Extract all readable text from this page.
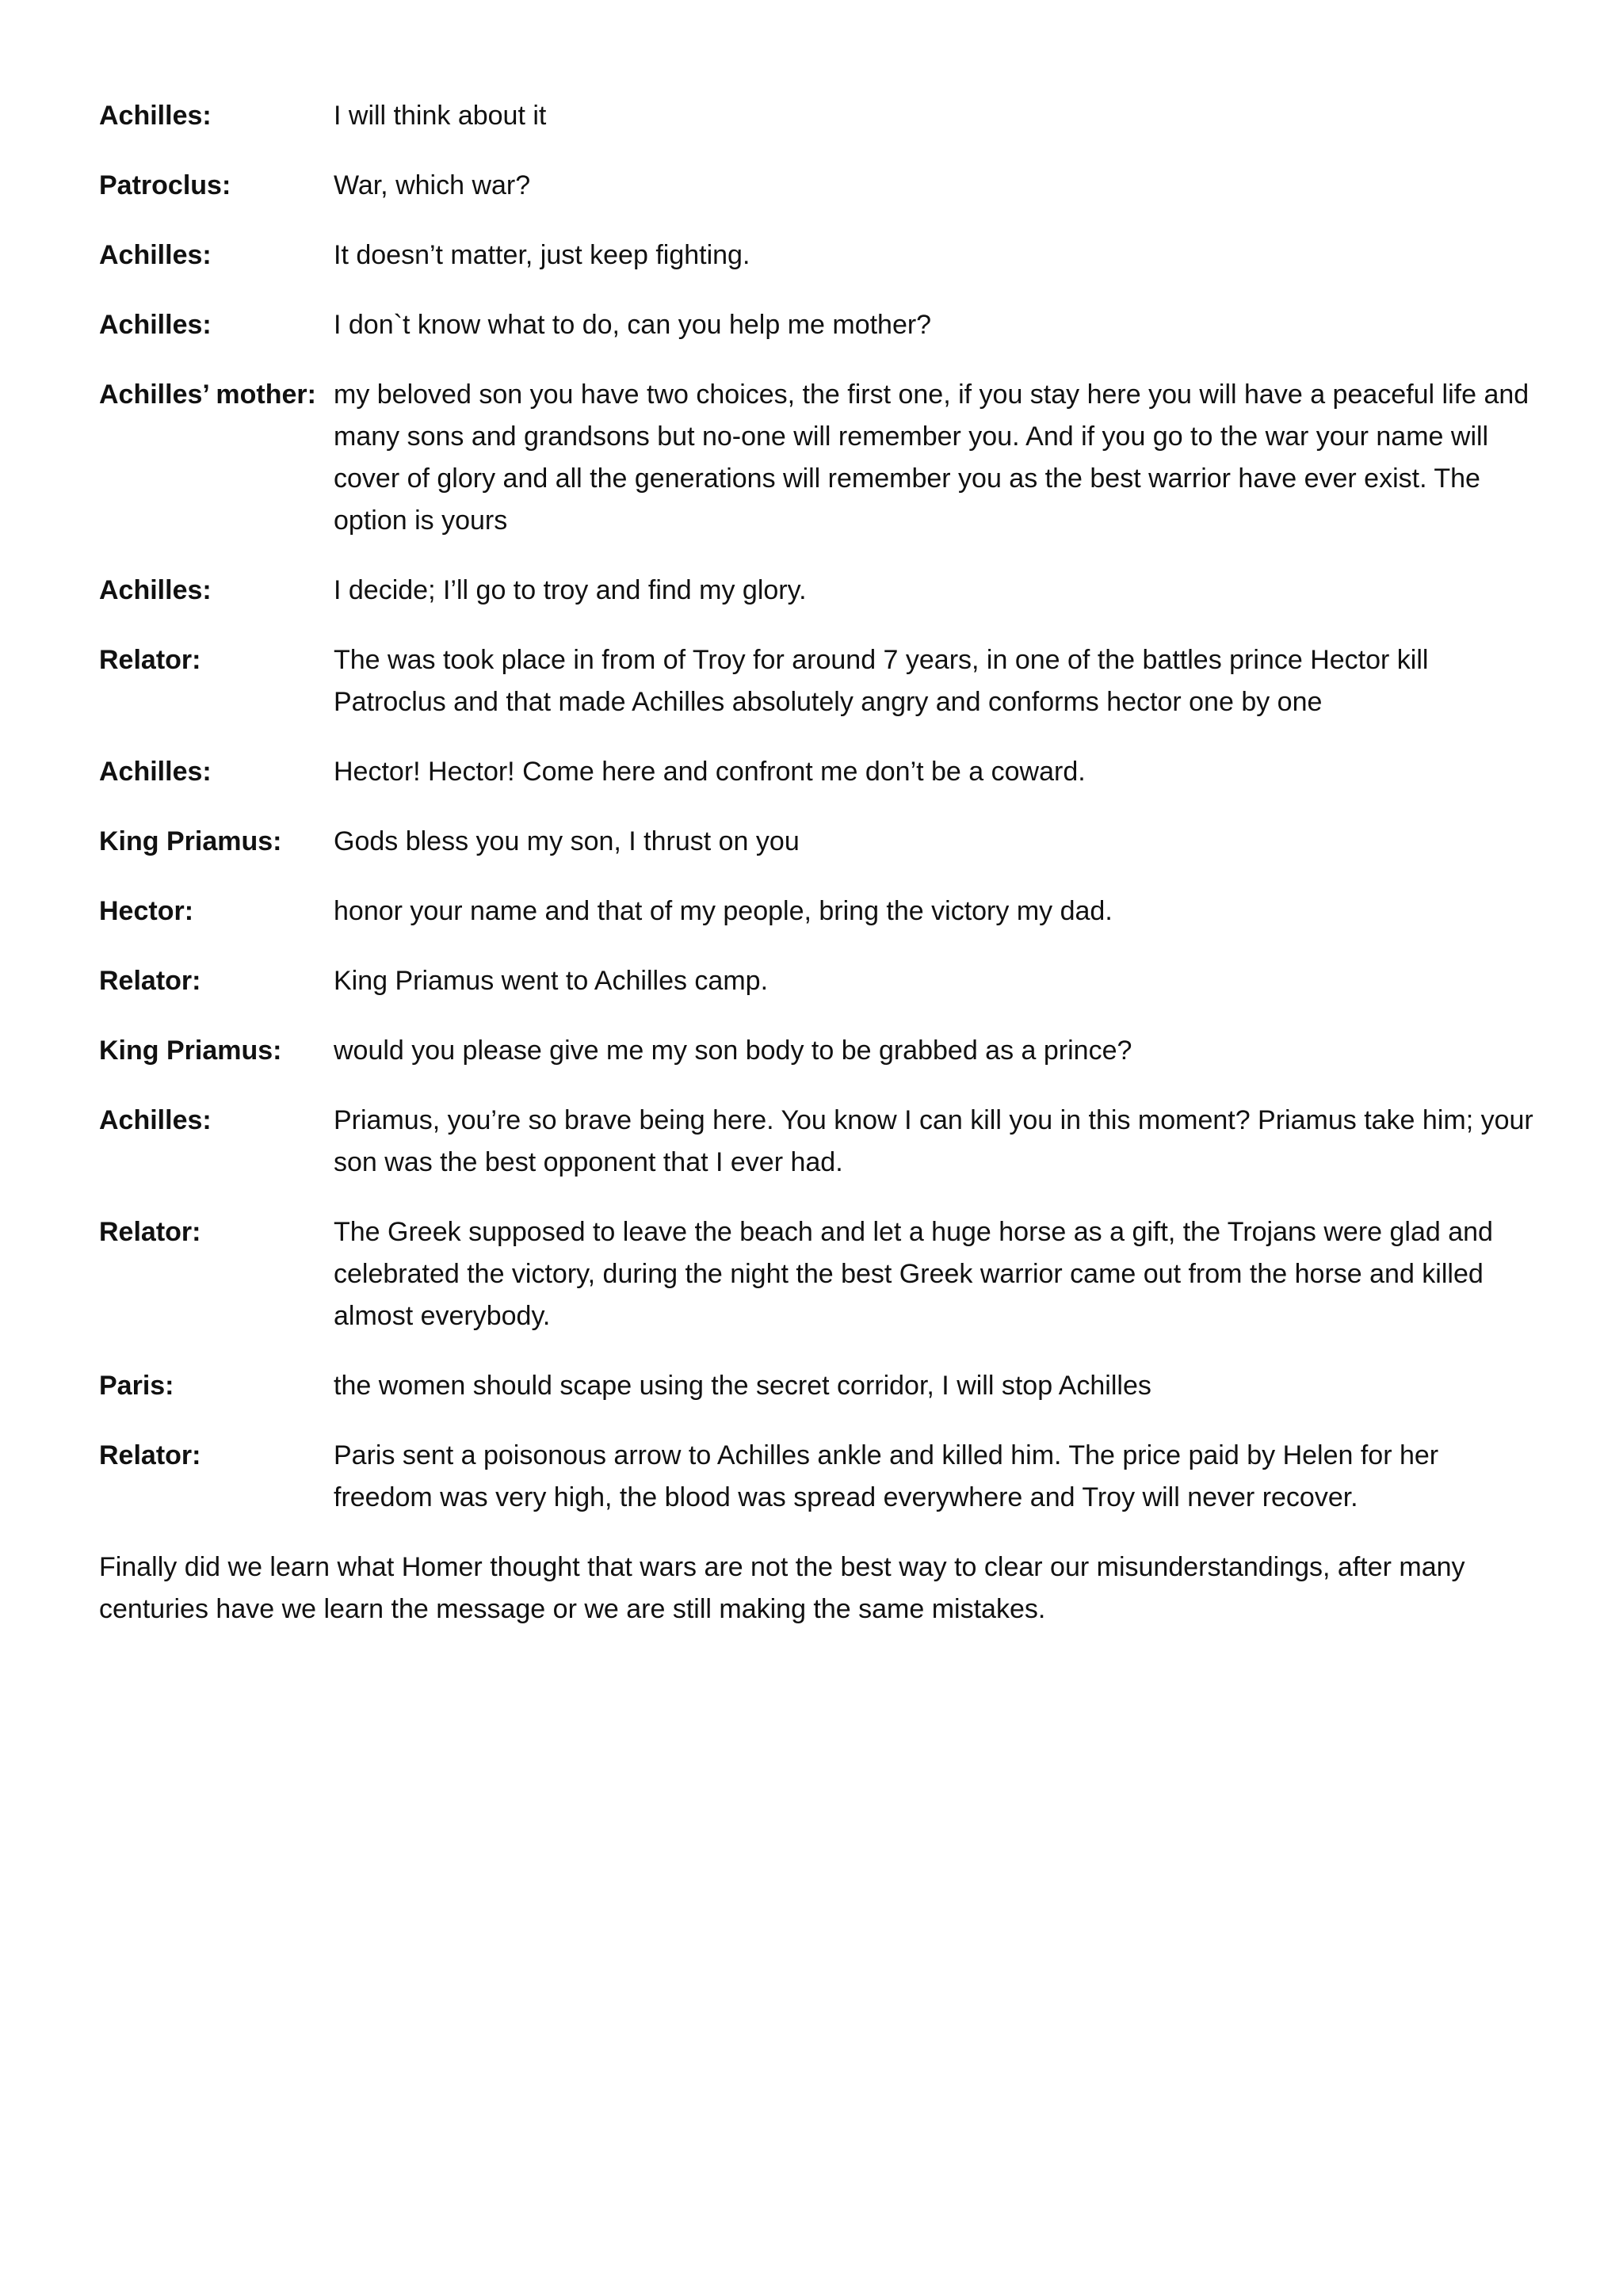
Achilles:	I will think about it
Patroclus:	War, which war?
Achilles:	It doesn’t matter, just keep fighting.
Achilles:	I don`t know what to do, can you help me mother?
Achilles’ mother: my beloved son you have two choices, the first one, if you stay here you will have a peaceful life and many sons and grandsons but no-one will remember you. And if you go to the war your name will cover of glory and all the generations will remember you as the best warrior have ever exist. The option is yours
Achilles:	I decide; I’ll go to troy and find my glory.
Relator:	The was took place in from of Troy for around 7 years, in one of the battles prince Hector kill Patroclus and that made Achilles absolutely angry and conforms hector one by one
Achilles:	Hector! Hector! Come here and confront me don’t be a coward.
King Priamus:	Gods bless you my son, I thrust on you
Hector:	honor your name and that of my people, bring the victory my dad.
Relator:	King Priamus went to Achilles camp.
King Priamus:	would you please give me my son body to be grabbed as a prince?
Achilles:	Priamus, you’re so brave being here. You know I can kill you in this moment? Priamus take him; your son was the best opponent that I ever had.
Relator:	The Greek supposed to leave the beach and let a huge horse as a gift, the Trojans were glad and celebrated the victory, during the night the best Greek warrior came out from the horse and killed almost everybody.
Paris:	the women should scape using the secret corridor, I will stop Achilles
Relator:	Paris sent a poisonous arrow to Achilles ankle and killed him. The price paid by Helen for her freedom was very high, the blood was spread everywhere and Troy will never recover.

Finally did we learn what Homer thought that wars are not the best way to clear our misunderstandings, after many centuries have we learn the message or we are still making the same mistakes.
